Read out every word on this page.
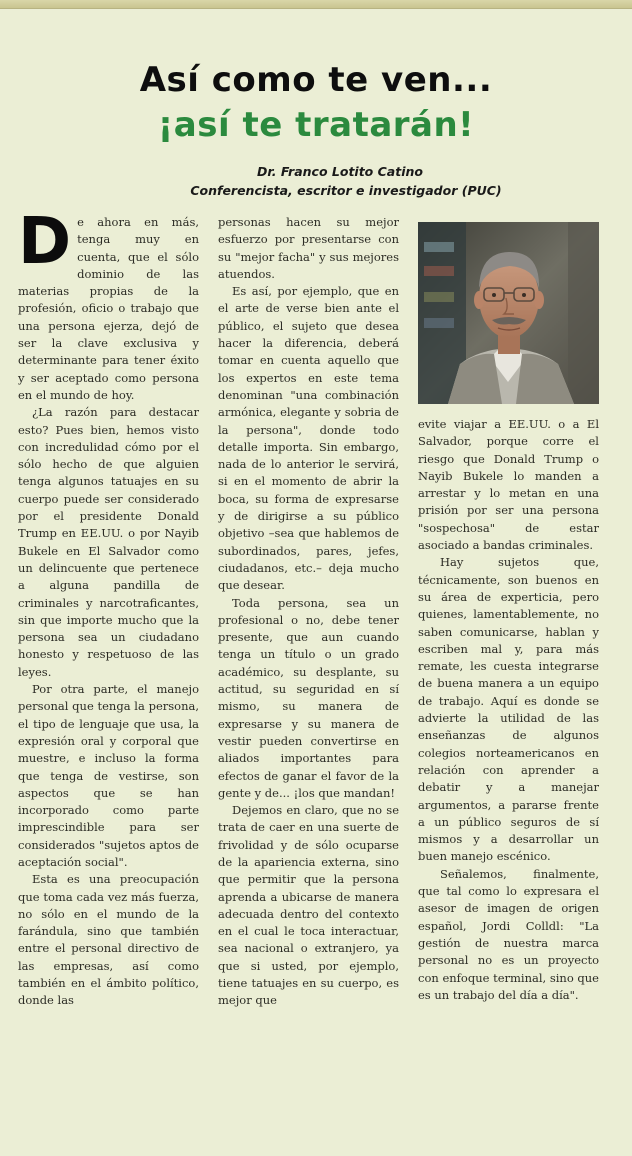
Así como te ven...
¡así te tratarán!
Dr. Franco Lotito Catino
Conferencista, escritor e investigador (PUC)

De ahora en más, tenga muy en cuenta, que el sólo dominio de las materias propias de la profesión, oficio o trabajo que una persona ejerza, dejó de ser la clave exclusiva y determinante para tener éxito y ser aceptado como persona en el mundo de hoy.

¿La razón para destacar esto? Pues bien, hemos visto con incredulidad cómo por el sólo hecho de que alguien tenga algunos tatuajes en su cuerpo puede ser considerado por el presidente Donald Trump en EE.UU. o por Nayib Bukele en El Salvador como un delincuente que pertenece a alguna pandilla de criminales y narcotraficantes, sin que importe mucho que la persona sea un ciudadano honesto y respetuoso de las leyes.

Por otra parte, el manejo personal que tenga la persona, el tipo de lenguaje que usa, la expresión oral y corporal que muestre, e incluso la forma que tenga de vestirse, son aspectos que se han incorporado como parte imprescindible para ser considerados "sujetos aptos de aceptación social".

Esta es una preocupación que toma cada vez más fuerza, no sólo en el mundo de la farándula, sino que también entre el personal directivo de las empresas, así como también en el ámbito político, donde las

personas hacen su mejor esfuerzo por presentarse con su "mejor facha" y sus mejores atuendos.

Es así, por ejemplo, que en el arte de verse bien ante el público, el sujeto que desea hacer la diferencia, deberá tomar en cuenta aquello que los expertos en este tema denominan "una combinación armónica, elegante y sobria de la persona", donde todo detalle importa. Sin embargo, nada de lo anterior le servirá, si en el momento de abrir la boca, su forma de expresarse y de dirigirse a su público objetivo –sea que hablemos de subordinados, pares, jefes, ciudadanos, etc.– deja mucho que desear.

Toda persona, sea un profesional o no, debe tener presente, que aun cuando tenga un título o un grado académico, su desplante, su actitud, su seguridad en sí mismo, su manera de expresarse y su manera de vestir pueden convertirse en aliados importantes para efectos de ganar el favor de la gente y de... ¡los que mandan!

Dejemos en claro, que no se trata de caer en una suerte de frivolidad y de sólo ocuparse de la apariencia externa, sino que permitir que la persona aprenda a ubicarse de manera adecuada dentro del contexto en el cual le toca interactuar, sea nacional o extranjero, ya que si usted, por ejemplo, tiene tatuajes en su cuerpo, es mejor que

evite viajar a EE.UU. o a El Salvador, porque corre el riesgo que Donald Trump o Nayib Bukele lo manden a arrestar y lo metan en una prisión por ser una persona "sospechosa" de estar asociado a bandas criminales.

Hay sujetos que, técnicamente, son buenos en su área de experticia, pero quienes, lamentablemente, no saben comunicarse, hablan y escriben mal y, para más remate, les cuesta integrarse de buena manera a un equipo de trabajo. Aquí es donde se advierte la utilidad de las enseñanzas de algunos colegios norteamericanos en relación con aprender a debatir y a manejar argumentos, a pararse frente a un público seguros de sí mismos y a desarrollar un buen manejo escénico.

Señalemos, finalmente, que tal como lo expresara el asesor de imagen de origen español, Jordi Colldl: "La gestión de nuestra marca personal no es un proyecto con enfoque terminal, sino que es un trabajo del día a día".
